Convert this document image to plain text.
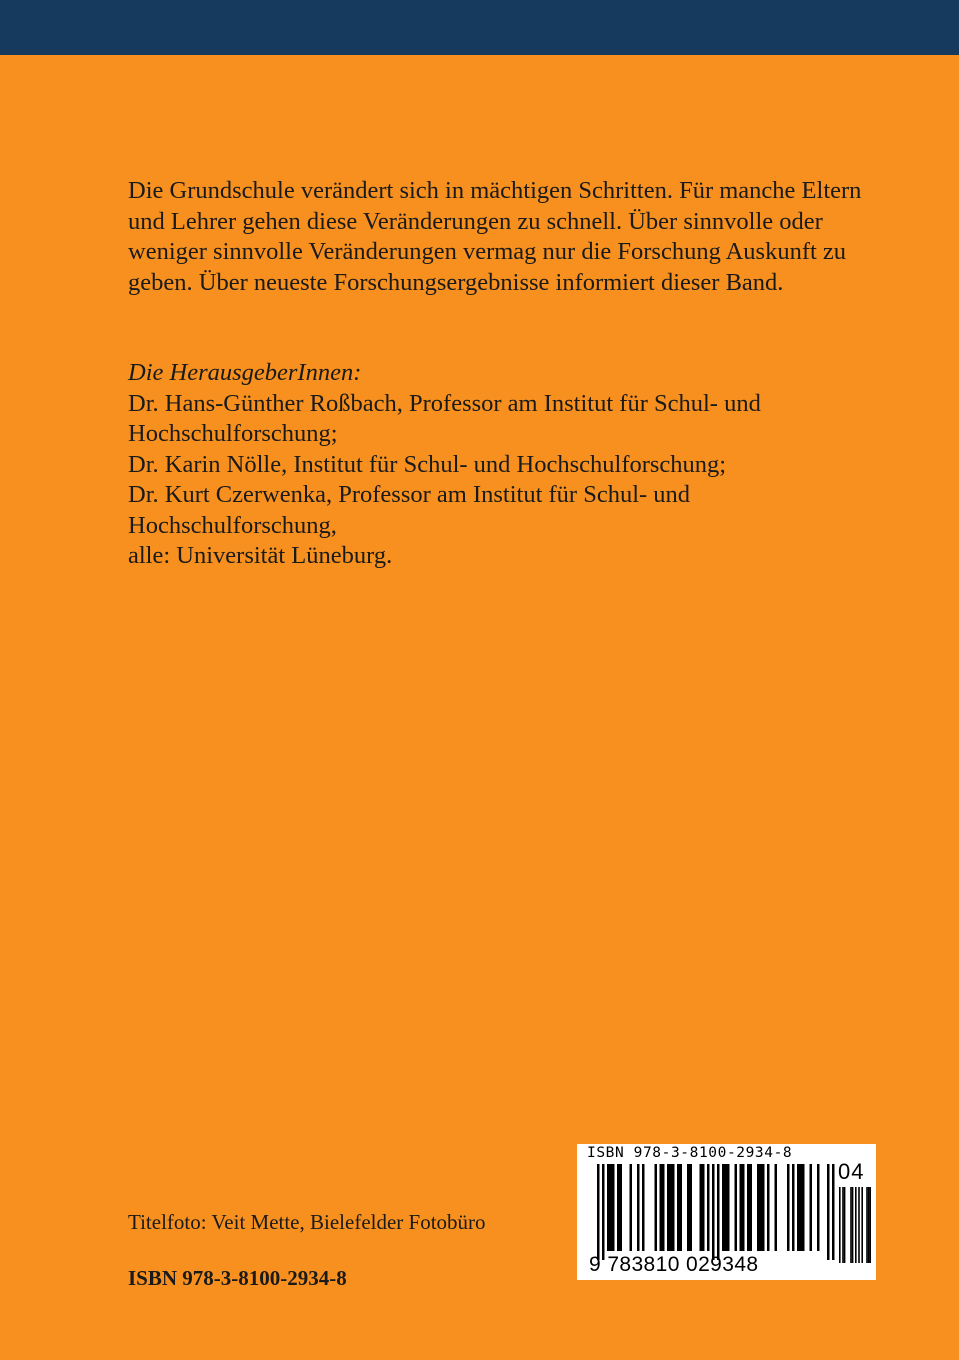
Die Grundschule verändert sich in mächtigen Schritten. Für manche Eltern und Lehrer gehen diese Veränderungen zu schnell. Über sinnvolle oder weniger sinnvolle Veränderungen vermag nur die Forschung Auskunft zu geben. Über neueste Forschungsergebnisse informiert dieser Band.

Die HerausgeberInnen:
Dr. Hans-Günther Roßbach, Professor am Institut für Schul- und Hochschulforschung;
Dr. Karin Nölle, Institut für Schul- und Hochschulforschung;
Dr. Kurt Czerwenka, Professor am Institut für Schul- und Hochschulforschung,
alle: Universität Lüneburg.
Titelfoto: Veit Mette, Bielefelder Fotobüro
ISBN 978-3-8100-2934-8
ISBN 978-3-8100-2934-8
9 783810 029348
04
